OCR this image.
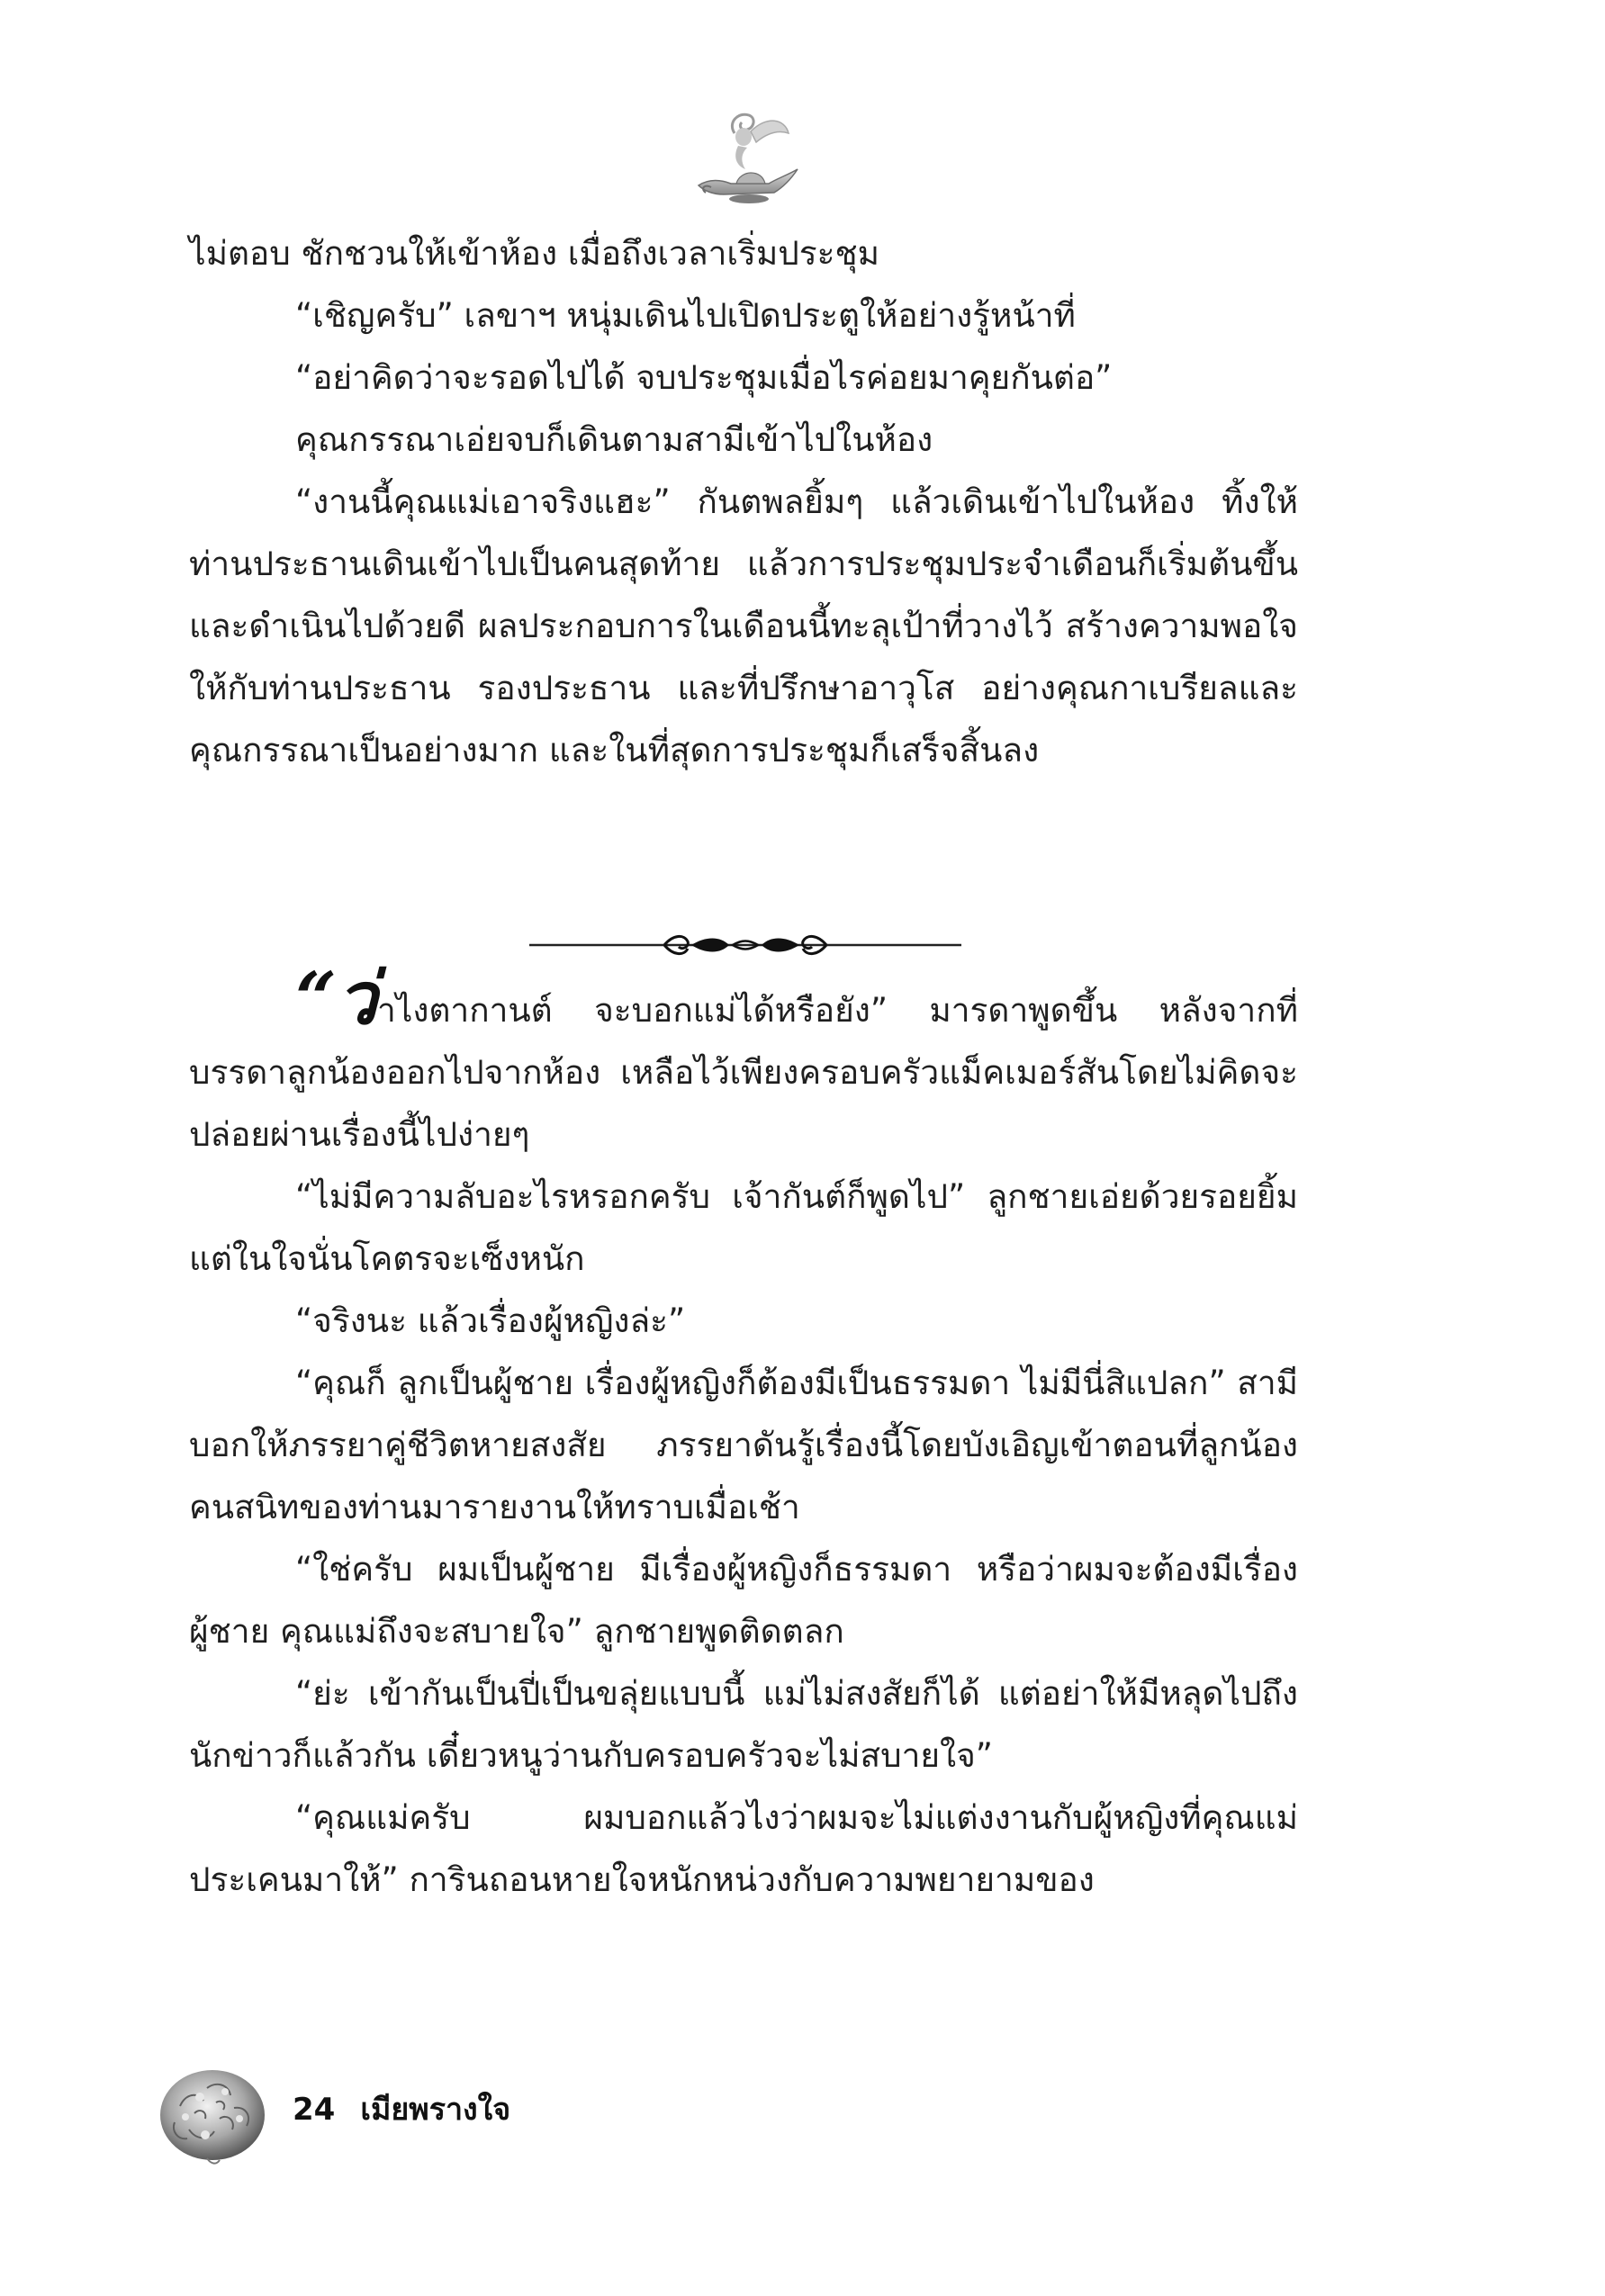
ไม่ตอบ ชักชวนให้เข้าห้อง เมื่อถึงเวลาเริ่มประชุม

“เชิญครับ” เลขาฯ หนุ่มเดินไปเปิดประตูให้อย่างรู้หน้าที่

“อย่าคิดว่าจะรอดไปได้ จบประชุมเมื่อไรค่อยมาคุยกันต่อ”

คุณกรรณาเอ่ยจบก็เดินตามสามีเข้าไปในห้อง

“งานนี้คุณแม่เอาจริงแฮะ” กันตพลยิ้มๆ แล้วเดินเข้าไปในห้อง ทิ้งให้ท่านประธานเดินเข้าไปเป็นคนสุดท้าย แล้วการประชุมประจำเดือนก็เริ่มต้นขึ้นและดำเนินไปด้วยดี ผลประกอบการในเดือนนี้ทะลุเป้าที่วางไว้ สร้างความพอใจให้กับท่านประธาน รองประธาน และที่ปรึกษาอาวุโส อย่างคุณกาเบรียลและคุณกรรณาเป็นอย่างมาก และในที่สุดการประชุมก็เสร็จสิ้นลง

“ว่าไงตากานต์ จะบอกแม่ได้หรือยัง” มารดาพูดขึ้น หลังจากที่บรรดาลูกน้องออกไปจากห้อง เหลือไว้เพียงครอบครัวแม็คเมอร์สันโดยไม่คิดจะปล่อยผ่านเรื่องนี้ไปง่ายๆ

“ไม่มีความลับอะไรหรอกครับ เจ้ากันต์ก็พูดไป” ลูกชายเอ่ยด้วยรอยยิ้ม แต่ในใจนั่นโคตรจะเซ็งหนัก

“จริงนะ แล้วเรื่องผู้หญิงล่ะ”

“คุณก็ ลูกเป็นผู้ชาย เรื่องผู้หญิงก็ต้องมีเป็นธรรมดา ไม่มีนี่สิแปลก” สามีบอกให้ภรรยาคู่ชีวิตหายสงสัย ภรรยาดันรู้เรื่องนี้โดยบังเอิญเข้าตอนที่ลูกน้องคนสนิทของท่านมารายงานให้ทราบเมื่อเช้า

“ใช่ครับ ผมเป็นผู้ชาย มีเรื่องผู้หญิงก็ธรรมดา หรือว่าผมจะต้องมีเรื่องผู้ชาย คุณแม่ถึงจะสบายใจ” ลูกชายพูดติดตลก

“ย่ะ เข้ากันเป็นปี่เป็นขลุ่ยแบบนี้ แม่ไม่สงสัยก็ได้ แต่อย่าให้มีหลุดไปถึงนักข่าวก็แล้วกัน เดี๋ยวหนูว่านกับครอบครัวจะไม่สบายใจ”

“คุณแม่ครับ ผมบอกแล้วไงว่าผมจะไม่แต่งงานกับผู้หญิงที่คุณแม่ประเคนมาให้” การินถอนหายใจหนักหน่วงกับความพยายามของ

24 เมียพรางใจ
